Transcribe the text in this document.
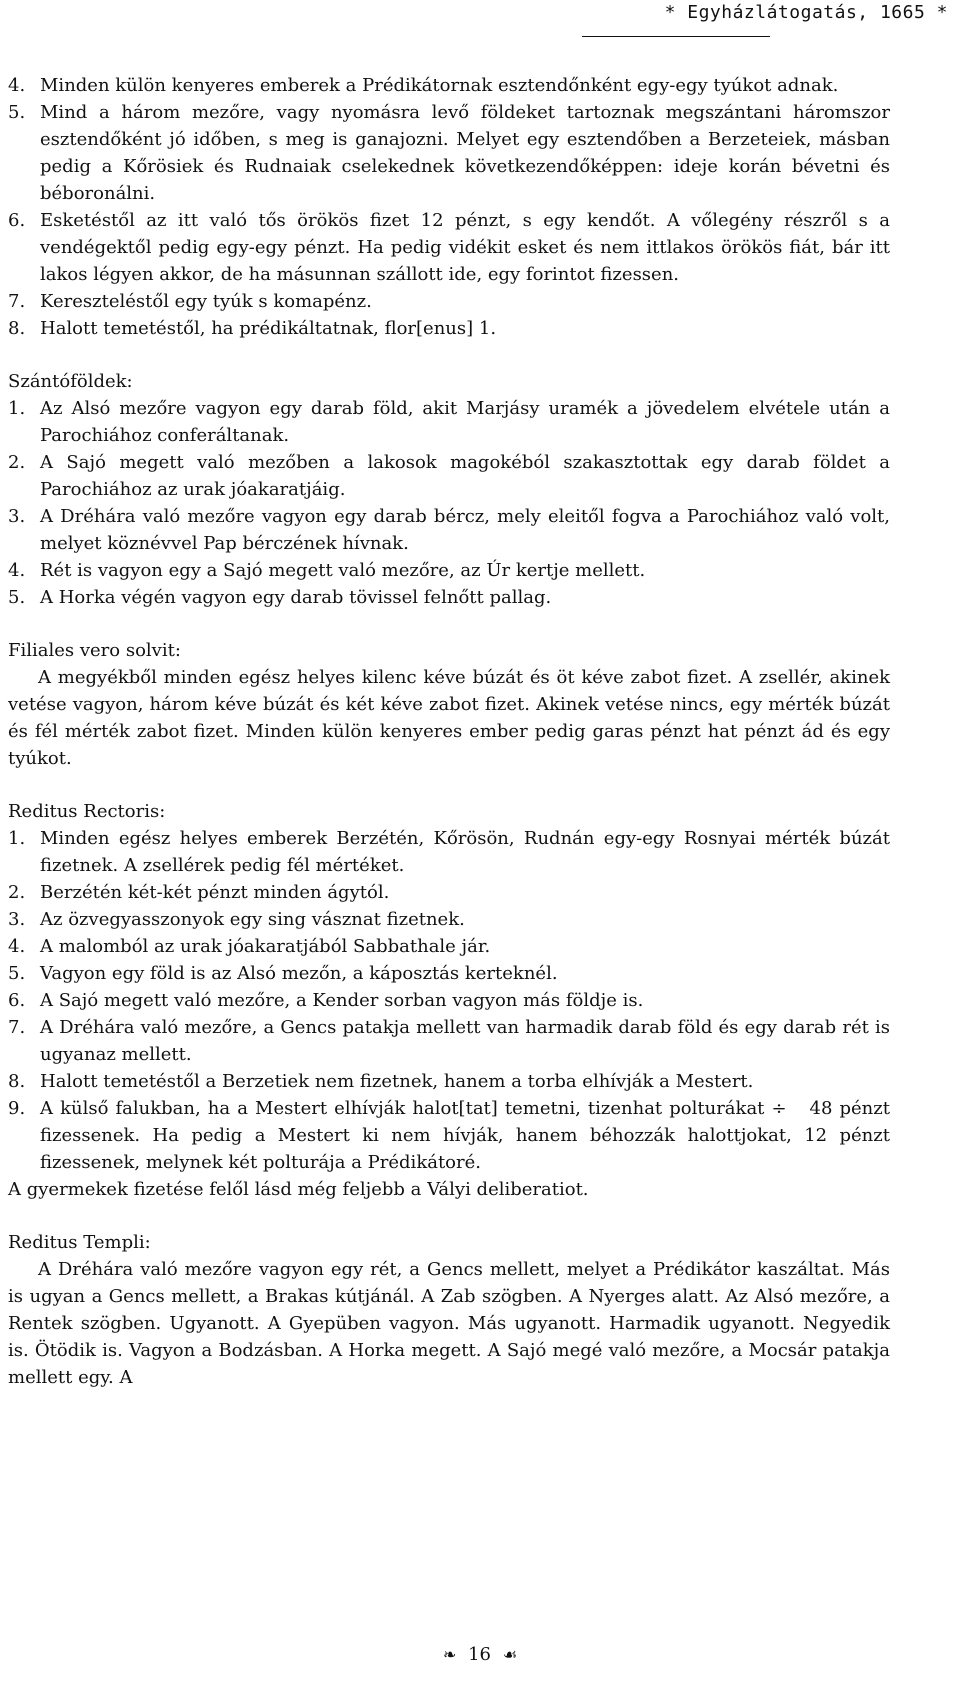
* Egyházlátogatás, 1665 *
4. Minden külön kenyeres emberek a Prédikátornak esztendőnként egy-egy tyúkot adnak.
5. Mind a három mezőre, vagy nyomásra levő földeket tartoznak megszántani háromszor esztendőként jó időben, s meg is ganajozni. Melyet egy esztendőben a Berzeteiek, másban pedig a Kőrösiek és Rudnaiak cselekednek következendőképpen: ideje korán bévetni és béboronálni.
6. Esketéstől az itt való tős örökös fizet 12 pénzt, s egy kendőt. A vőlegény részről s a vendégektől pedig egy-egy pénzt. Ha pedig vidékit esket és nem ittlakos örökös fiát, bár itt lakos légyen akkor, de ha másunnan szállott ide, egy forintot fizessen.
7. Kereszteléstől egy tyúk s komapénz.
8. Halott temetéstől, ha prédikáltatnak, flor[enus] 1.
Szántóföldek:
1. Az Alsó mezőre vagyon egy darab föld, akit Marjásy uramék a jövedelem elvétele után a Parochiához conferáltanak.
2. A Sajó megett való mezőben a lakosok magokéból szakasztottak egy darab földet a Parochiához az urak jóakaratjáig.
3. A Dréhára való mezőre vagyon egy darab bércz, mely eleitől fogva a Parochiához való volt, melyet köznévvel Pap bérczének hívnak.
4. Rét is vagyon egy a Sajó megett való mezőre, az Úr kertje mellett.
5. A Horka végén vagyon egy darab tövissel felnőtt pallag.
Filiales vero solvit:
A megyékből minden egész helyes kilenc kéve búzát és öt kéve zabot fizet. A zsellér, akinek vetése vagyon, három kéve búzát és két kéve zabot fizet. Akinek vetése nincs, egy mérték búzát és fél mérték zabot fizet. Minden külön kenyeres ember pedig garas pénzt hat pénzt ád és egy tyúkot.
Reditus Rectoris:
1. Minden egész helyes emberek Berzétén, Kőrösön, Rudnán egy-egy Rosnyai mérték búzát fizetnek. A zsellérek pedig fél mértéket.
2. Berzétén két-két pénzt minden ágytól.
3. Az özvegyasszonyok egy sing vásznat fizetnek.
4. A malomból az urak jóakaratjából Sabbathale jár.
5. Vagyon egy föld is az Alsó mezőn, a káposztás kerteknél.
6. A Sajó megett való mezőre, a Kender sorban vagyon más földje is.
7. A Dréhára való mezőre, a Gencs patakja mellett van harmadik darab föld és egy darab rét is ugyanaz mellett.
8. Halott temetéstől a Berzetiek nem fizetnek, hanem a torba elhívják a Mestert.
9. A külső falukban, ha a Mestert elhívják halot[tat] temetni, tizenhat polturákat ÷ 48 pénzt fizessenek. Ha pedig a Mestert ki nem hívják, hanem béhozzák halottjokat, 12 pénzt fizessenek, melynek két polturája a Prédikátoré.
A gyermekek fizetése felől lásd még feljebb a Vályi deliberatiot.
Reditus Templi:
A Dréhára való mezőre vagyon egy rét, a Gencs mellett, melyet a Prédikátor kaszáltat. Más is ugyan a Gencs mellett, a Brakas kútjánál. A Zab szögben. A Nyerges alatt. Az Alsó mezőre, a Rentek szögben. Ugyanott. A Gyepüben vagyon. Más ugyanott. Harmadik ugyanott. Negyedik is. Ötödik is. Vagyon a Bodzásban. A Horka megett. A Sajó megé való mezőre, a Mocsár patakja mellett egy. A
❧ 16 ☙
